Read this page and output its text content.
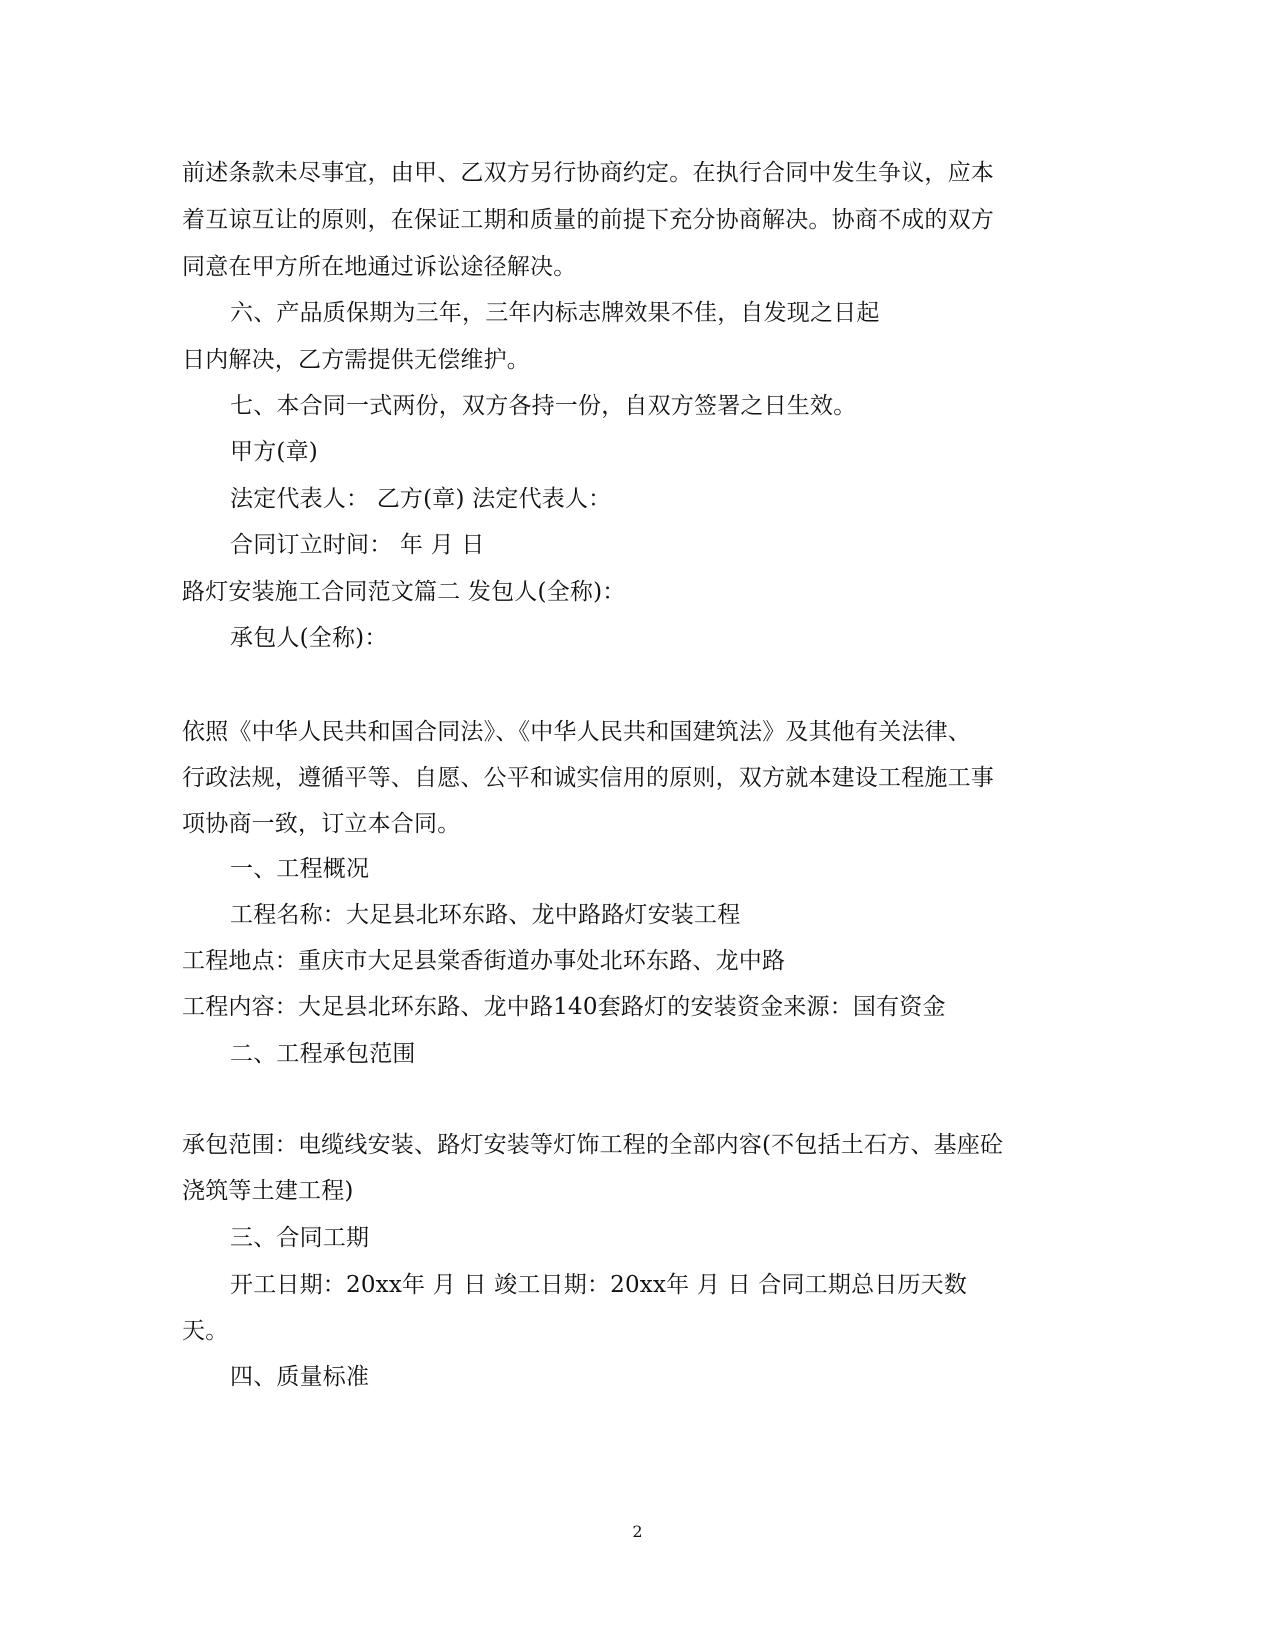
前述条款未尽事宜，由甲、乙双方另行协商约定。在执行合同中发生争议，应本
着互谅互让的原则，在保证工期和质量的前提下充分协商解决。协商不成的双方
同意在甲方所在地通过诉讼途径解决。
六、产品质保期为三年，三年内标志牌效果不佳，自发现之日起
日内解决，乙方需提供无偿维护。
七、本合同一式两份，双方各持一份，自双方签署之日生效。
甲方(章)
法定代表人： 乙方(章) 法定代表人：
合同订立时间： 年 月 日
路灯安装施工合同范文篇二 发包人(全称)：
承包人(全称)：
依照《中华人民共和国合同法》、《中华人民共和国建筑法》及其他有关法律、
行政法规，遵循平等、自愿、公平和诚实信用的原则，双方就本建设工程施工事
项协商一致，订立本合同。
一、工程概况
工程名称：大足县北环东路、龙中路路灯安装工程
工程地点：重庆市大足县棠香街道办事处北环东路、龙中路
工程内容：大足县北环东路、龙中路140套路灯的安装资金来源：国有资金
二、工程承包范围
承包范围：电缆线安装、路灯安装等灯饰工程的全部内容(不包括土石方、基座砼
浇筑等土建工程)
三、合同工期
开工日期：20xx年 月 日 竣工日期：20xx年 月 日 合同工期总日历天数
天。
四、质量标准
2
